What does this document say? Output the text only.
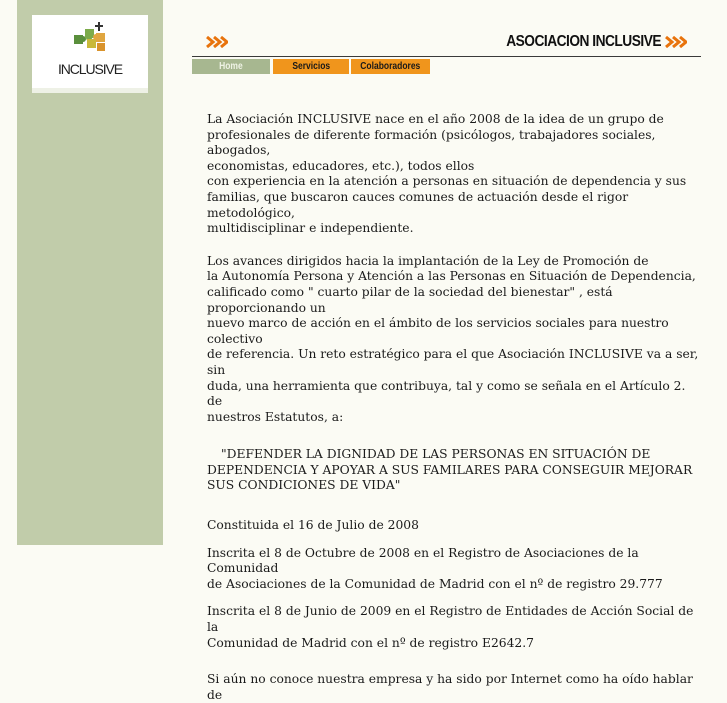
INCLUSIVE
ASOCIACION INCLUSIVE
Home	Servicios	Colaboradores

La Asociación INCLUSIVE nace en el año 2008 de la idea de un grupo de
profesionales de diferente formación (psicólogos, trabajadores sociales, abogados,
economistas, educadores, etc.), todos ellos
con experiencia en la atención a personas en situación de dependencia y sus
familias, que buscaron cauces comunes de actuación desde el rigor metodológico,
multidisciplinar e independiente.

Los avances dirigidos hacia la implantación de la Ley de Promoción de
la Autonomía Persona y Atención a las Personas en Situación de Dependencia,
calificado como " cuarto pilar de la sociedad del bienestar" , está proporcionando un
nuevo marco de acción en el ámbito de los servicios sociales para nuestro colectivo
de referencia. Un reto estratégico para el que Asociación INCLUSIVE va a ser, sin
duda, una herramienta que contribuya, tal y como se señala en el Artículo 2. de
nuestros Estatutos, a:

"DEFENDER LA DIGNIDAD DE LAS PERSONAS EN SITUACIÓN DE
DEPENDENCIA Y APOYAR A SUS FAMILARES PARA CONSEGUIR MEJORAR
SUS CONDICIONES DE VIDA"

Constituida el 16 de Julio de 2008

Inscrita el 8 de Octubre de 2008 en el Registro de Asociaciones de la Comunidad
de Asociaciones de la Comunidad de Madrid con el nº de registro 29.777

Inscrita el 8 de Junio de 2009 en el Registro de Entidades de Acción Social de la
Comunidad de Madrid con el nº de registro E2642.7

Si aún no conoce nuestra empresa y ha sido por Internet como ha oído hablar de
